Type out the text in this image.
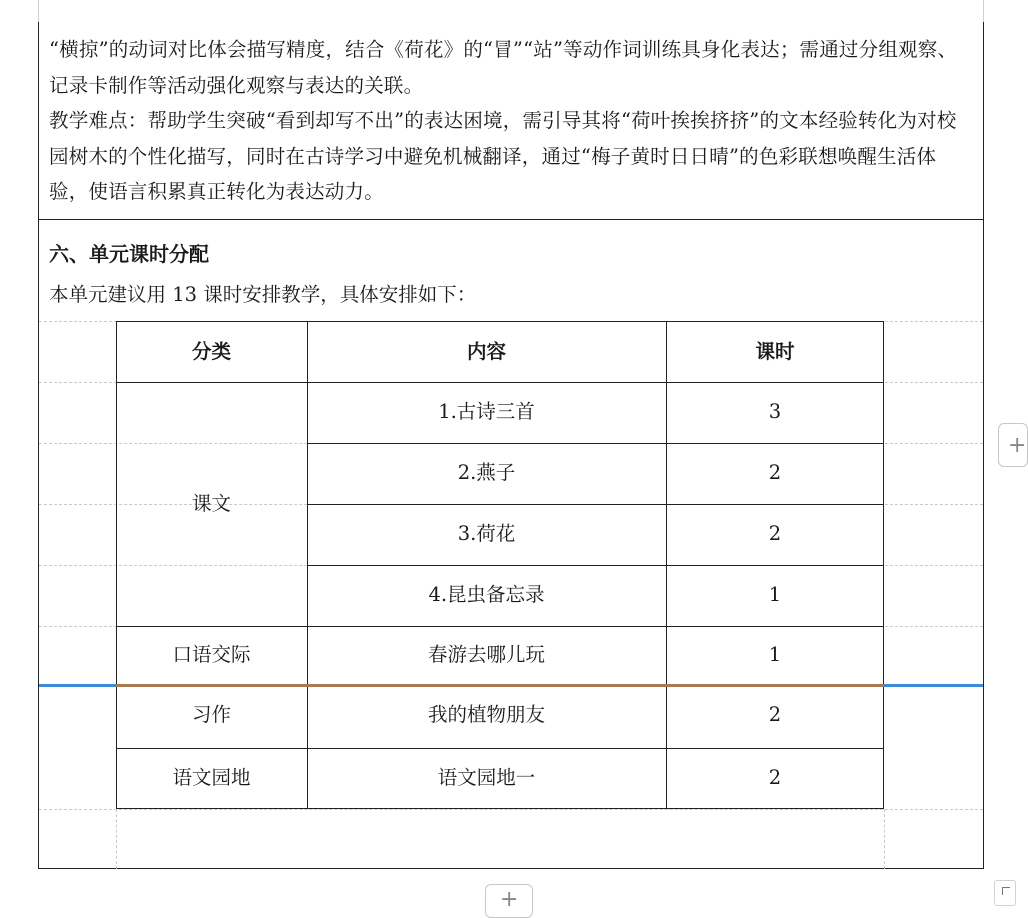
“横掠”的动词对比体会描写精度，结合《荷花》的“冒”“站”等动作词训练具身化表达；需通过分组观察、记录卡制作等活动强化观察与表达的关联。
教学难点：帮助学生突破“看到却写不出”的表达困境，需引导其将“荷叶挨挨挤挤”的文本经验转化为对校园树木的个性化描写，同时在古诗学习中避免机械翻译，通过“梅子黄时日日晴”的色彩联想唤醒生活体验，使语言积累真正转化为表达动力。
六、单元课时分配
本单元建议用 13 课时安排教学，具体安排如下：
分类	内容	课时
课文
1.古诗三首	3
2.燕子	2
3.荷花	2
4.昆虫备忘录	1
口语交际	春游去哪儿玩	1
习作	我的植物朋友	2
语文园地	语文园地一	2
+
+
